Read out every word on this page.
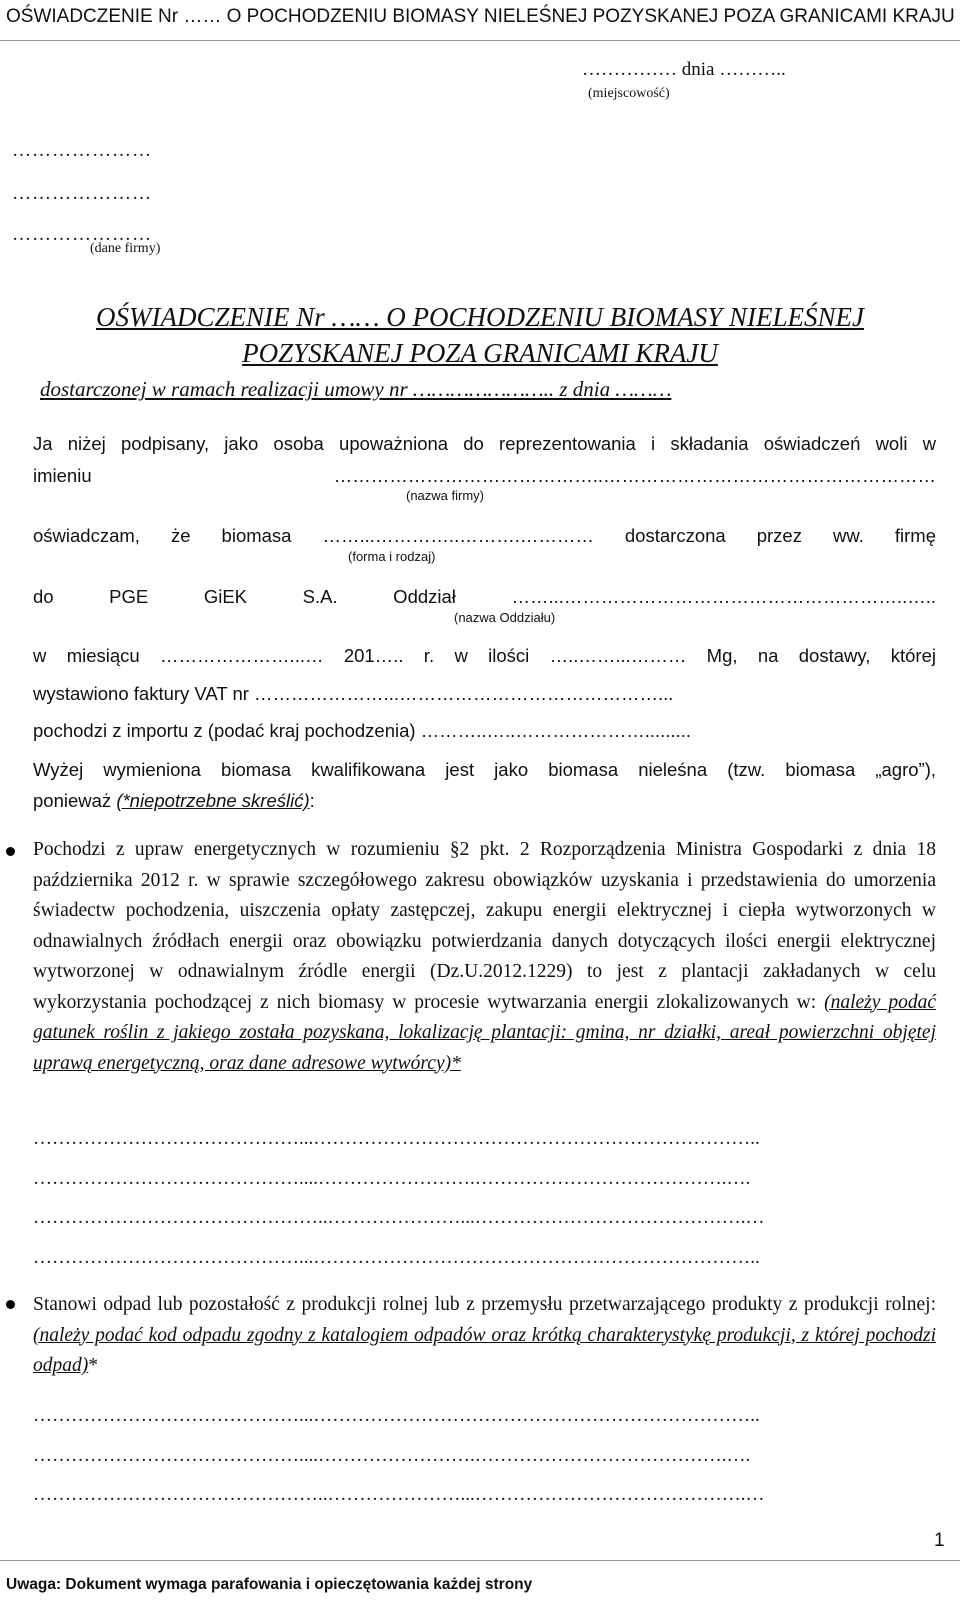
OŚWIADCZENIE Nr …… O POCHODZENIU BIOMASY NIELEŚNEJ POZYSKANEJ POZA GRANICAMI KRAJU
…………… dnia ………..
(miejscowość)
…………………
…………………
…………………
(dane firmy)
OŚWIADCZENIE Nr …… O POCHODZENIU BIOMASY NIELEŚNEJ
POZYSKANEJ POZA GRANICAMI KRAJU
dostarczonej w ramach realizacji umowy nr ………………….. z dnia ………
Ja niżej podpisany, jako osoba upoważniona do reprezentowania i składania oświadczeń woli w
imieniu ……………………………………..………………………………………………
(nazwa firmy)
oświadczam, że biomasa ……...…………..……….………… dostarczona przez ww. firmę
(forma i rodzaj)
do PGE GiEK S.A. Oddział ……...………………………………………………..…..
(nazwa Oddziału)
w miesiącu …………………...… 201….. r. w ilości …..……...……… Mg, na dostawy, której
wystawiono faktury VAT nr …………………...……………………………………...
pochodzi z importu z (podać kraj pochodzenia) ………..…..………………….........
Wyżej wymieniona biomasa kwalifikowana jest jako biomasa nieleśna (tzw. biomasa „agro”),
ponieważ (*niepotrzebne skreślić):
Pochodzi z upraw energetycznych w rozumieniu §2 pkt. 2 Rozporządzenia Ministra Gospodarki z dnia 18 października 2012 r. w sprawie szczegółowego zakresu obowiązków uzyskania i przedstawienia do umorzenia świadectw pochodzenia, uiszczenia opłaty zastępczej, zakupu energii elektrycznej i ciepła wytworzonych w odnawialnych źródłach energii oraz obowiązku potwierdzania danych dotyczących ilości energii elektrycznej wytworzonej w odnawialnym źródle energii (Dz.U.2012.1229) to jest z plantacji zakładanych w celu wykorzystania pochodzącej z nich biomasy w procesie wytwarzania energii zlokalizowanych w: (należy podać gatunek roślin z jakiego została pozyskana, lokalizację plantacji: gmina, nr działki, areał powierzchni objętej uprawą energetyczną, oraz dane adresowe wytwórcy)*
……………………………………...……………………………………………………………..
……………………………………....…………………….………………………………….….
………………………………………..…………………...…………………………………….…
……………………………………...……………………………………………………………..
Stanowi odpad lub pozostałość z produkcji rolnej lub z przemysłu przetwarzającego produkty z produkcji rolnej: (należy podać kod odpadu zgodny z katalogiem odpadów oraz krótką charakterystykę produkcji, z której pochodzi odpad)*
……………………………………...……………………………………………………………..
……………………………………....…………………….………………………………….….
………………………………………..…………………...…………………………………….…
1
Uwaga: Dokument wymaga parafowania i opieczętowania każdej strony
